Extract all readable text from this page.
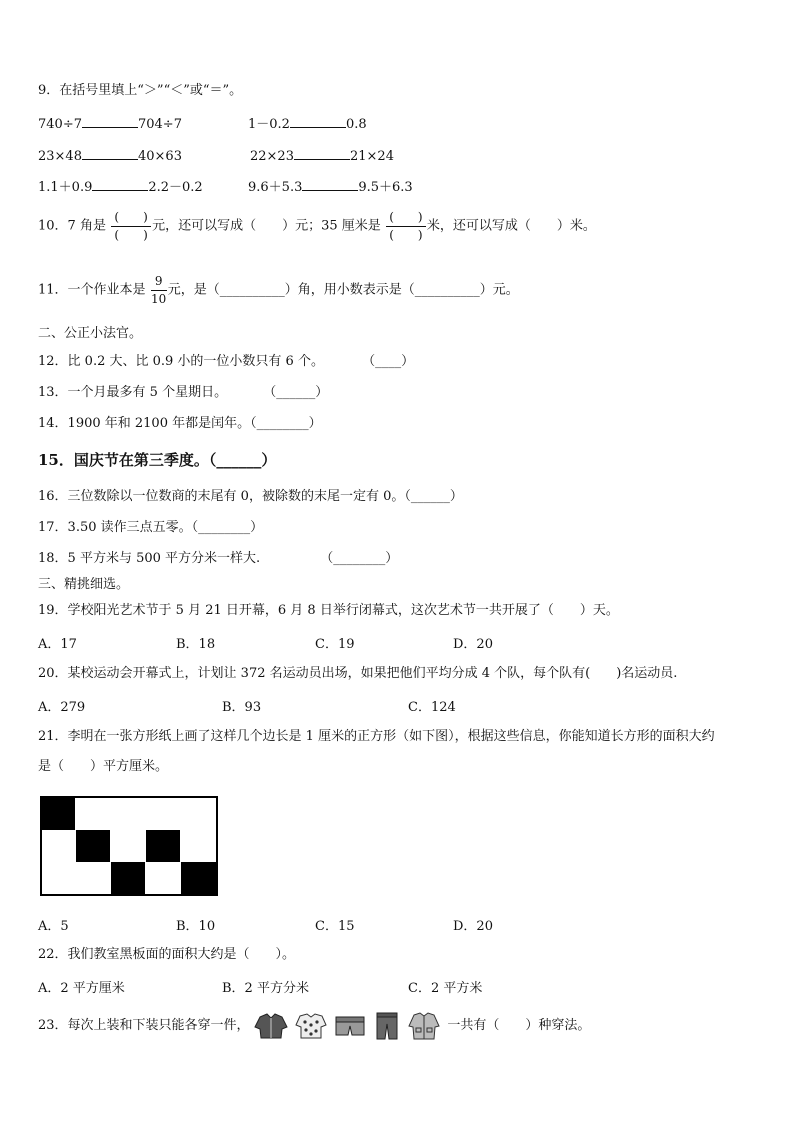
9．在括号里填上“＞”“＜”或“＝”。
740÷7	704÷7	1－0.2	0.8
23×48	40×63	22×23	21×24
1.1＋0.9	2.2－0.2	9.6＋5.3	9.5＋6.3
10．7 角是 $\frac{( )}{( )}$ 元，还可以写成（　　）元；35 厘米是 $\frac{( )}{( )}$ 米，还可以写成（　　）米。
11．一个作业本是 $\frac{9}{10}$ 元，是（__________）角，用小数表示是（__________）元。
二、公正小法官。
12．比 0.2 大、比 0.9 小的一位小数只有 6 个。	（____）
13．一个月最多有 5 个星期日。	（______）
14．1900 年和 2100 年都是闰年。（________）
15．国庆节在第三季度。（______）
16．三位数除以一位数商的末尾有 0，被除数的末尾一定有 0。（______）
17．3.50 读作三点五零。（________）
18．5 平方米与 500 平方分米一样大.	（________）
三、精挑细选。
19．学校阳光艺术节于 5 月 21 日开幕，6 月 8 日举行闭幕式，这次艺术节一共开展了（　　）天。
A．17	B．18	C．19	D．20
20．某校运动会开幕式上，计划让 372 名运动员出场，如果把他们平均分成 4 个队，每个队有(　　)名运动员.
A．279	B．93	C．124
21．李明在一张方形纸上画了这样几个边长是 1 厘米的正方形（如下图），根据这些信息，你能知道长方形的面积大约
是（　　）平方厘米。
A．5	B．10	C．15	D．20
22．我们教室黑板面的面积大约是（　　）。
A．2 平方厘米	B．2 平方分米	C．2 平方米
23．每次上装和下装只能各穿一件，	一共有（　　）种穿法。
